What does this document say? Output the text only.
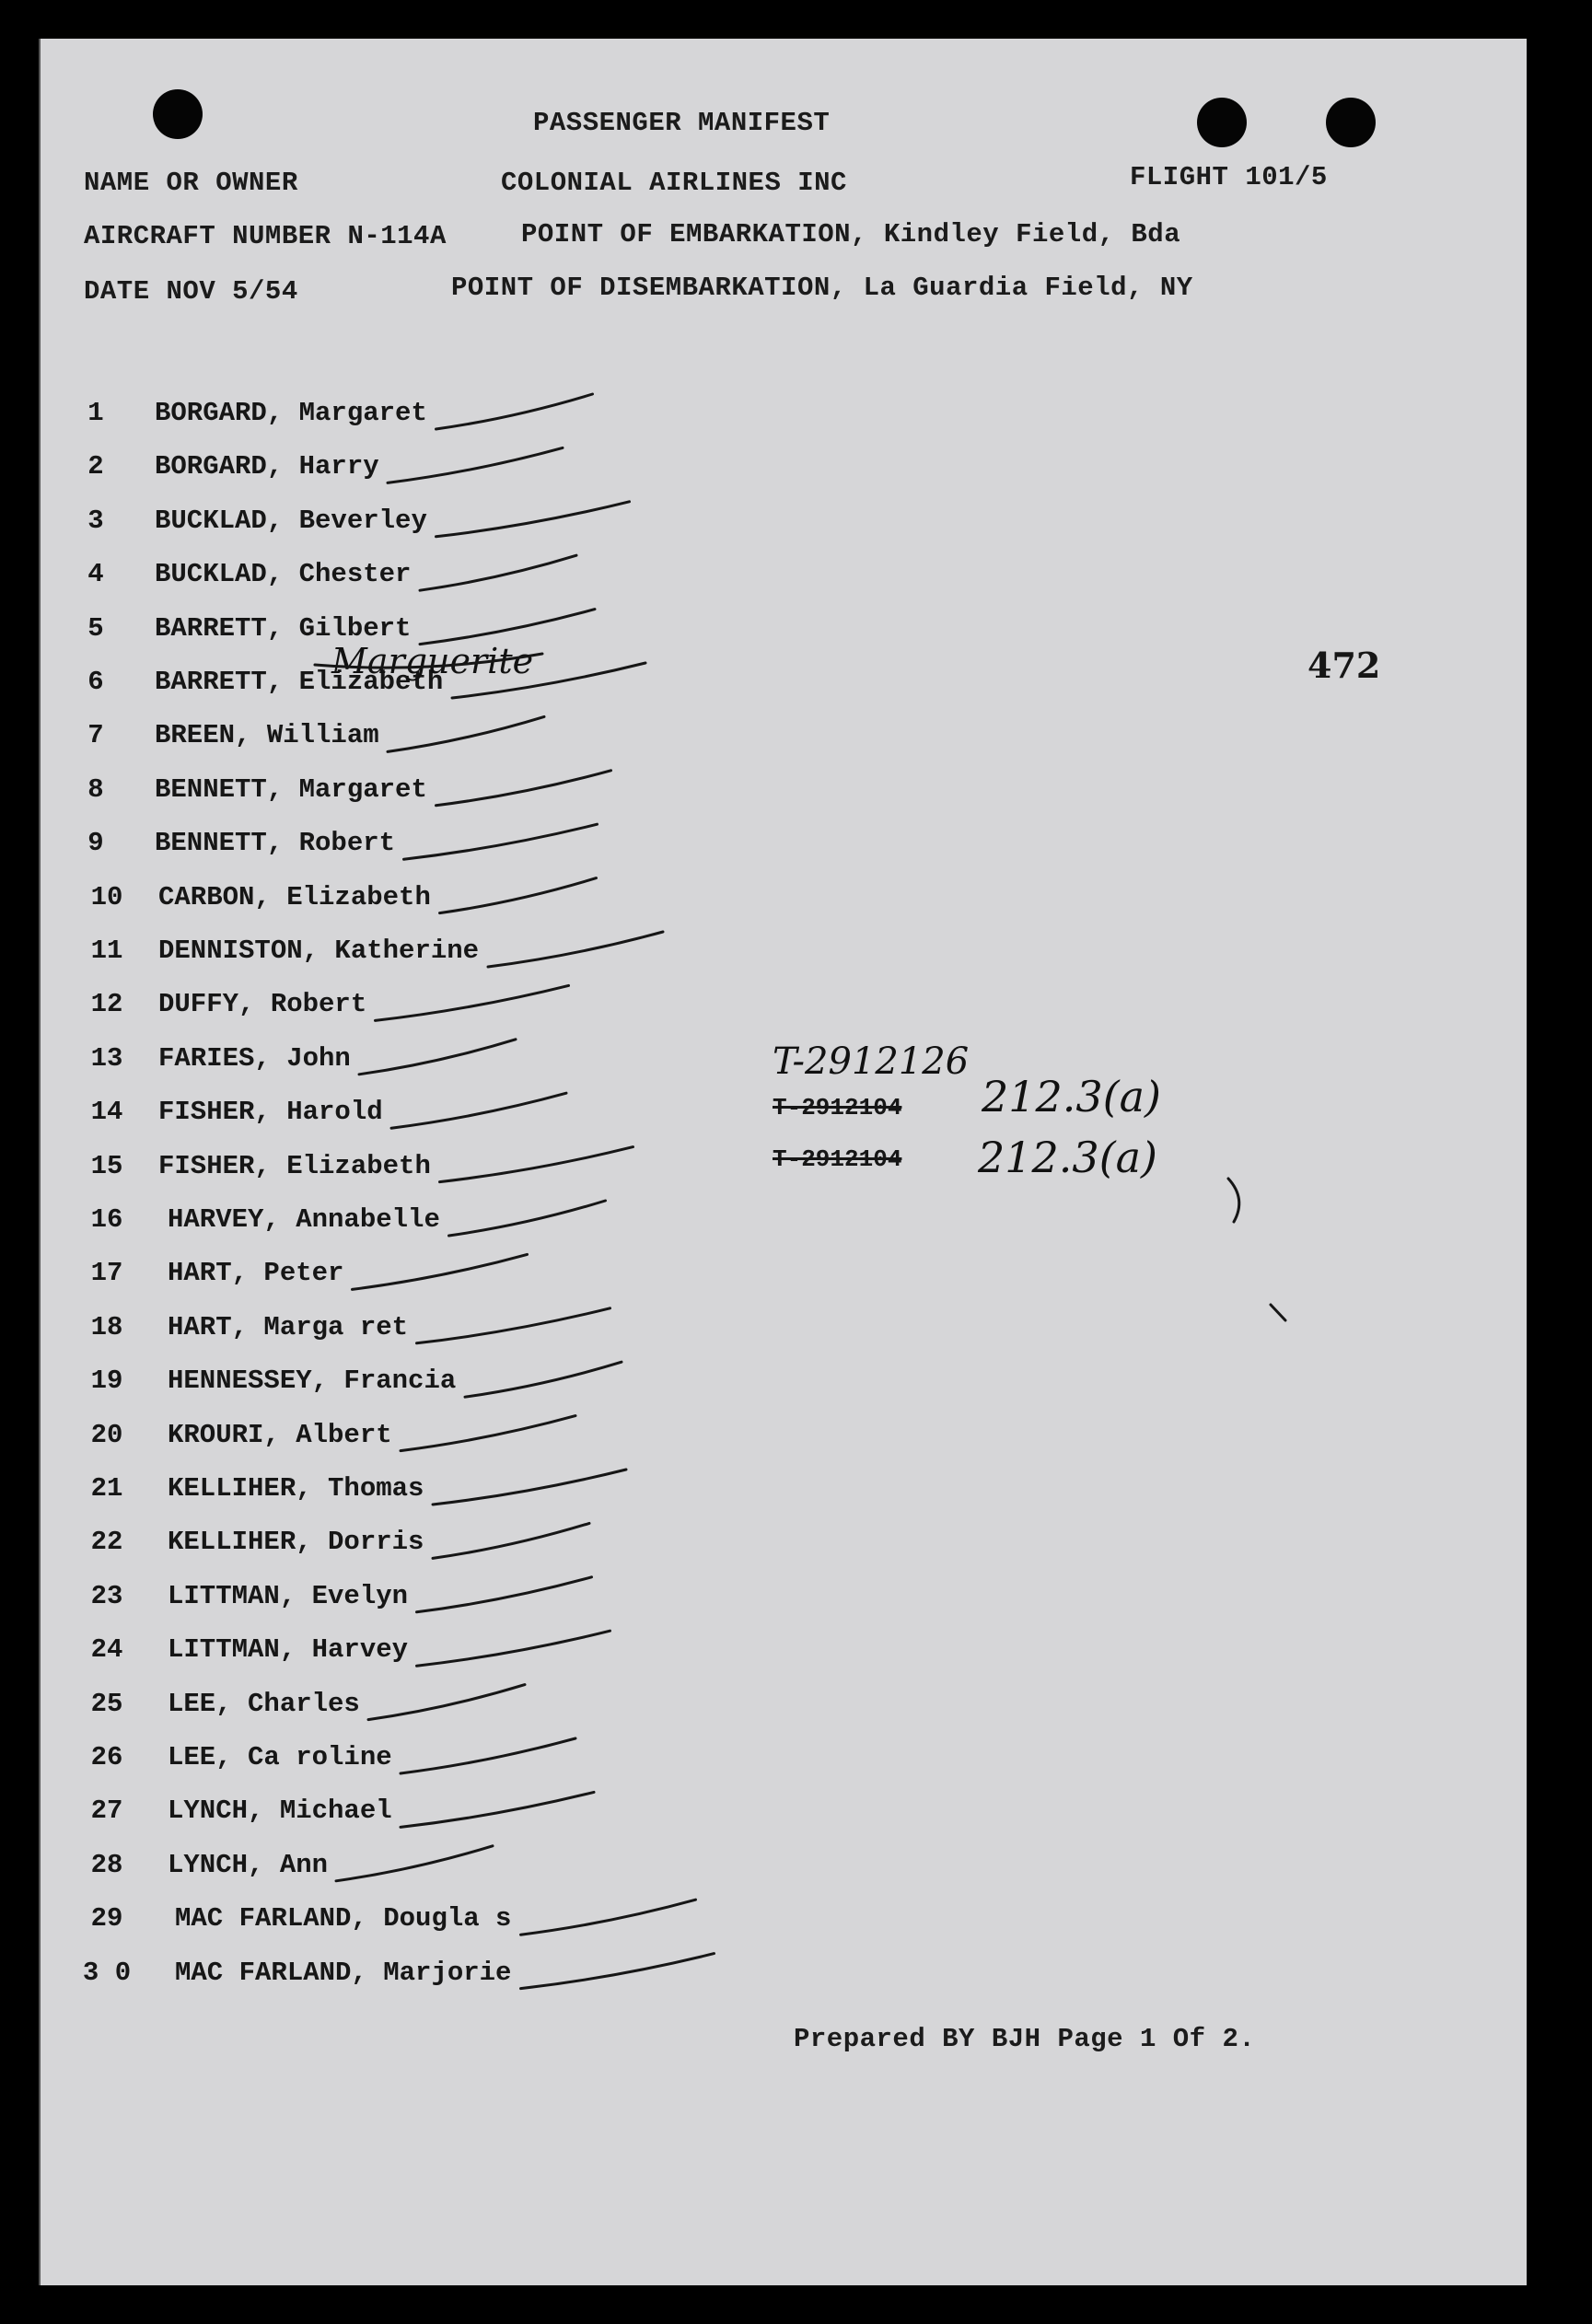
PASSENGER MANIFEST
NAME OR OWNER	COLONIAL AIRLINES INC	FLIGHT 101/5
AIRCRAFT NUMBER N-114A	POINT OF EMBARKATION, Kindley Field, Bda
DATE NOV 5/54	POINT OF DISEMBARKATION, La Guardia Field, NY
1	BORGARD, Margaret
2	BORGARD, Harry
3	BUCKLAD, Beverley
4	BUCKLAD, Chester
5	BARRETT, Gilbert
6	BARRETT, Elizabeth
7	BREEN, William
8	BENNETT, Margaret
9	BENNETT, Robert
10	CARBON, Elizabeth
11	DENNISTON, Katherine
12	DUFFY, Robert
13	FARIES, John
14	FISHER, Harold
15	FISHER, Elizabeth
16	HARVEY, Annabelle
17	HART, Peter
18	HART, Marga ret
19	HENNESSEY, Francia
20	KROURI, Albert
21	KELLIHER, Thomas
22	KELLIHER, Dorris
23	LITTMAN, Evelyn
24	LITTMAN, Harvey
25	LEE, Charles
26	LEE, Ca roline
27	LYNCH, Michael
28	LYNCH, Ann
29	MAC FARLAND, Dougla s
3 0 MAC FARLAND, Marjorie
472
T-2912126
T-2912104 212.3(a)
T-2912104 212.3(a)
Marguerite
Prepared BY BJH Page 1 Of 2.
